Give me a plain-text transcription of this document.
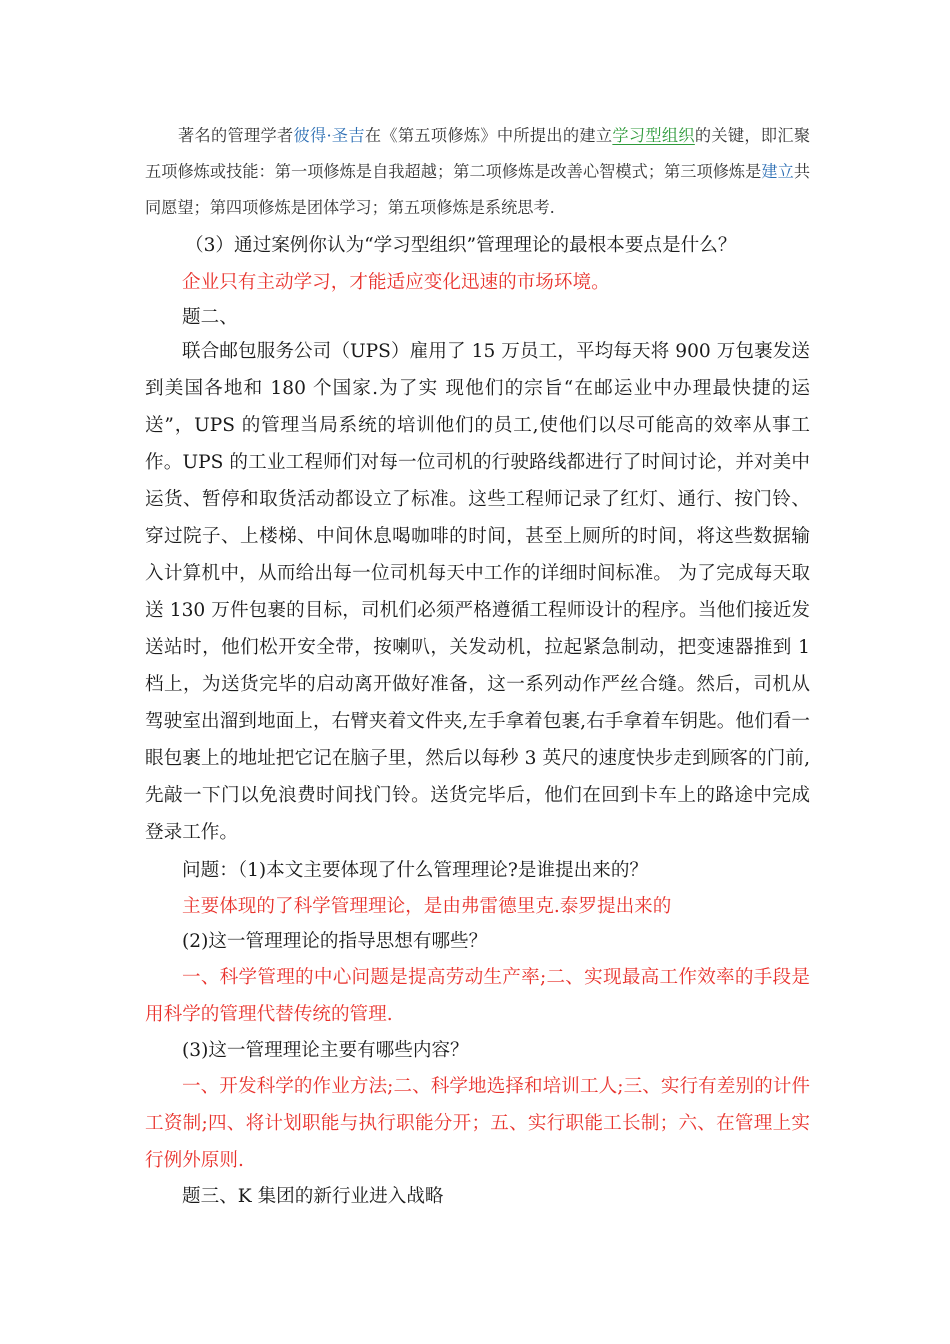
著名的管理学者彼得·圣吉在《第五项修炼》中所提出的建立学习型组织的关键，即汇聚五项修炼或技能：第一项修炼是自我超越；第二项修炼是改善心智模式；第三项修炼是建立共同愿望；第四项修炼是团体学习；第五项修炼是系统思考.

（3）通过案例你认为“学习型组织”管理理论的最根本要点是什么？

企业只有主动学习，才能适应变化迅速的市场环境。

题二、

联合邮包服务公司（UPS）雇用了 15 万员工，平均每天将 900 万包裹发送到美国各地和 180 个国家.为了实 现他们的宗旨“在邮运业中办理最快捷的运送”，UPS 的管理当局系统的培训他们的员工,使他们以尽可能高的效率从事工作。UPS 的工业工程师们对每一位司机的行驶路线都进行了时间讨论，并对美中运货、暂停和取货活动都设立了标准。这些工程师记录了红灯、通行、按门铃、穿过院子、上楼梯、中间休息喝咖啡的时间，甚至上厕所的时间，将这些数据输入计算机中，从而给出每一位司机每天中工作的详细时间标准。 为了完成每天取送 130 万件包裹的目标，司机们必须严格遵循工程师设计的程序。当他们接近发送站时，他们松开安全带，按喇叭，关发动机，拉起紧急制动，把变速器推到 1 档上，为送货完毕的启动离开做好准备，这一系列动作严丝合缝。然后，司机从驾驶室出溜到地面上，右臂夹着文件夹,左手拿着包裹,右手拿着车钥匙。他们看一眼包裹上的地址把它记在脑子里，然后以每秒 3 英尺的速度快步走到顾客的门前,先敲一下门以免浪费时间找门铃。送货完毕后，他们在回到卡车上的路途中完成登录工作。

问题：（1)本文主要体现了什么管理理论?是谁提出来的？

主要体现的了科学管理理论，是由弗雷德里克.泰罗提出来的

(2)这一管理理论的指导思想有哪些？

一、科学管理的中心问题是提高劳动生产率;二、实现最高工作效率的手段是用科学的管理代替传统的管理.

(3)这一管理理论主要有哪些内容？

一、开发科学的作业方法;二、科学地选择和培训工人;三、实行有差别的计件工资制;四、将计划职能与执行职能分开；五、实行职能工长制；六、在管理上实行例外原则.

题三、K 集团的新行业进入战略
